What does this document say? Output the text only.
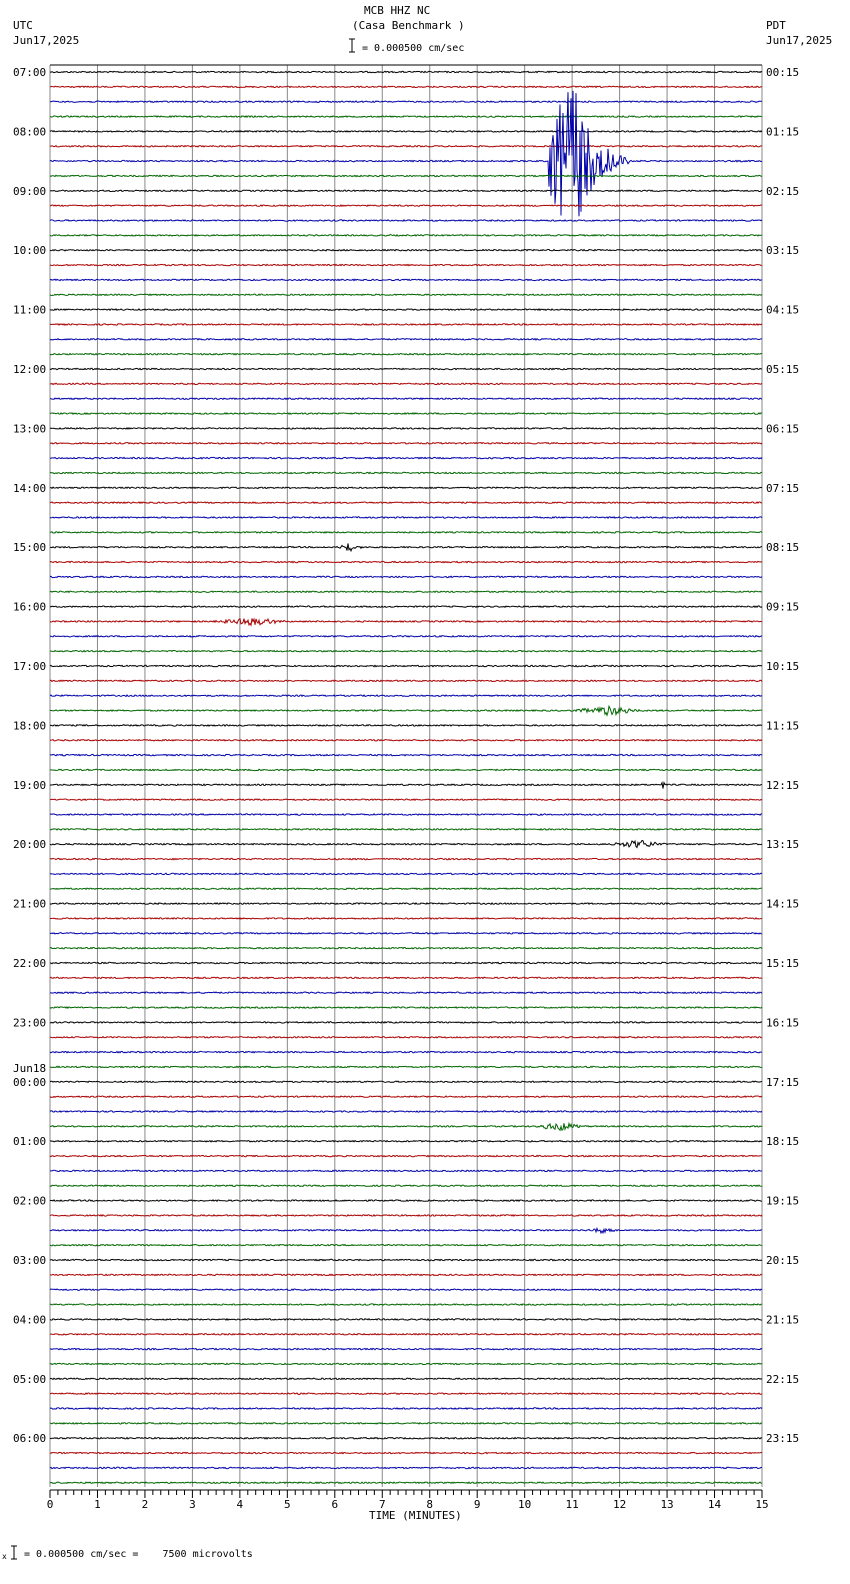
0	1	2	3	4	5	6	7	8	9	10	11	12	13	14	15
07:00	00:15
08:00	01:15
09:00	02:15
10:00	03:15
11:00	04:15
12:00	05:15
13:00	06:15
14:00	07:15
15:00	08:15
16:00	09:15
17:00	10:15
18:00	11:15
19:00	12:15
20:00	13:15
21:00	14:15
22:00	15:15
23:00	16:15
00:00	17:15
01:00	18:15
02:00	19:15
03:00	20:15
04:00	21:15
05:00	22:15
06:00	23:15
Jun18
MCB HHZ NC
(Casa Benchmark )
= 0.000500 cm/sec
UTC
Jun17,2025
PDT
Jun17,2025
TIME (MINUTES)
x = 0.000500 cm/sec =    7500 microvolts
